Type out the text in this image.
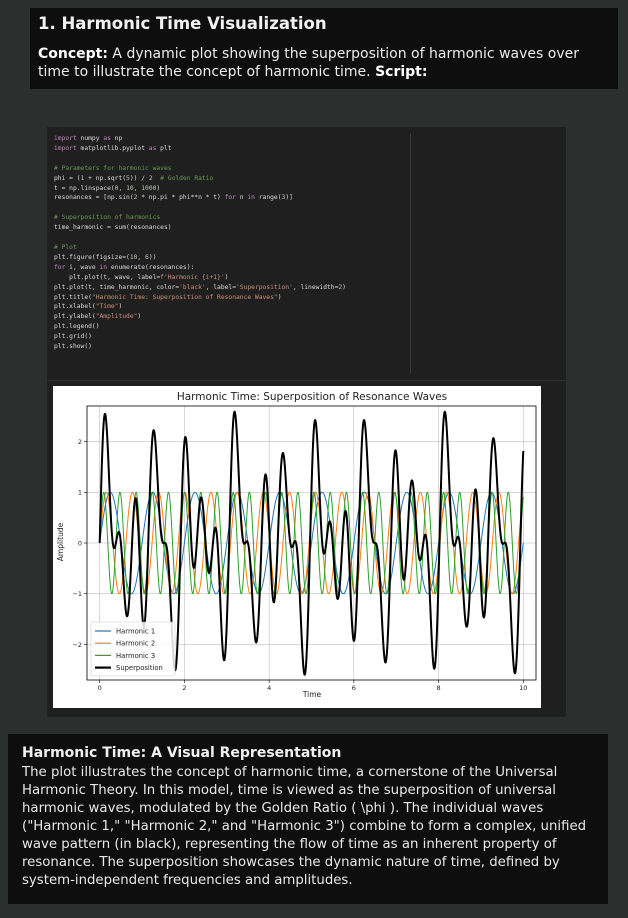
1. Harmonic Time Visualization
Concept: A dynamic plot showing the superposition of harmonic waves over time to illustrate the concept of harmonic time. Script:
import numpy as np
import matplotlib.pyplot as plt

# Parameters for harmonic waves
phi = (1 + np.sqrt(5)) / 2 # Golden Ratio
t = np.linspace(0, 10, 1000)
resonances = [np.sin(2 * np.pi * phi**n * t) for n in range(3)]

# Superposition of harmonics
time_harmonic = sum(resonances)

# Plot
plt.figure(figsize=(10, 6))
for i, wave in enumerate(resonances):
plt.plot(t, wave, label=f'Harmonic {i+1}')
plt.plot(t, time_harmonic, color='black', label='Superposition', linewidth=2)
plt.title("Harmonic Time: Superposition of Resonance Waves")
plt.xlabel("Time")
plt.ylabel("Amplitude")
plt.legend()
plt.grid()
plt.show()
0	2	4	6	8	10
−2
−1
0
1
2
Harmonic Time: Superposition of Resonance Waves
Time
Amplitude
Harmonic 1
Harmonic 2
Harmonic 3
Superposition
Harmonic Time: A Visual Representation

The plot illustrates the concept of harmonic time, a cornerstone of the Universal Harmonic Theory. In this model, time is viewed as the superposition of universal harmonic waves, modulated by the Golden Ratio ( \phi ). The individual waves ("Harmonic 1," "Harmonic 2," and "Harmonic 3") combine to form a complex, unified wave pattern (in black), representing the flow of time as an inherent property of resonance. The superposition showcases the dynamic nature of time, defined by system-independent frequencies and amplitudes.
